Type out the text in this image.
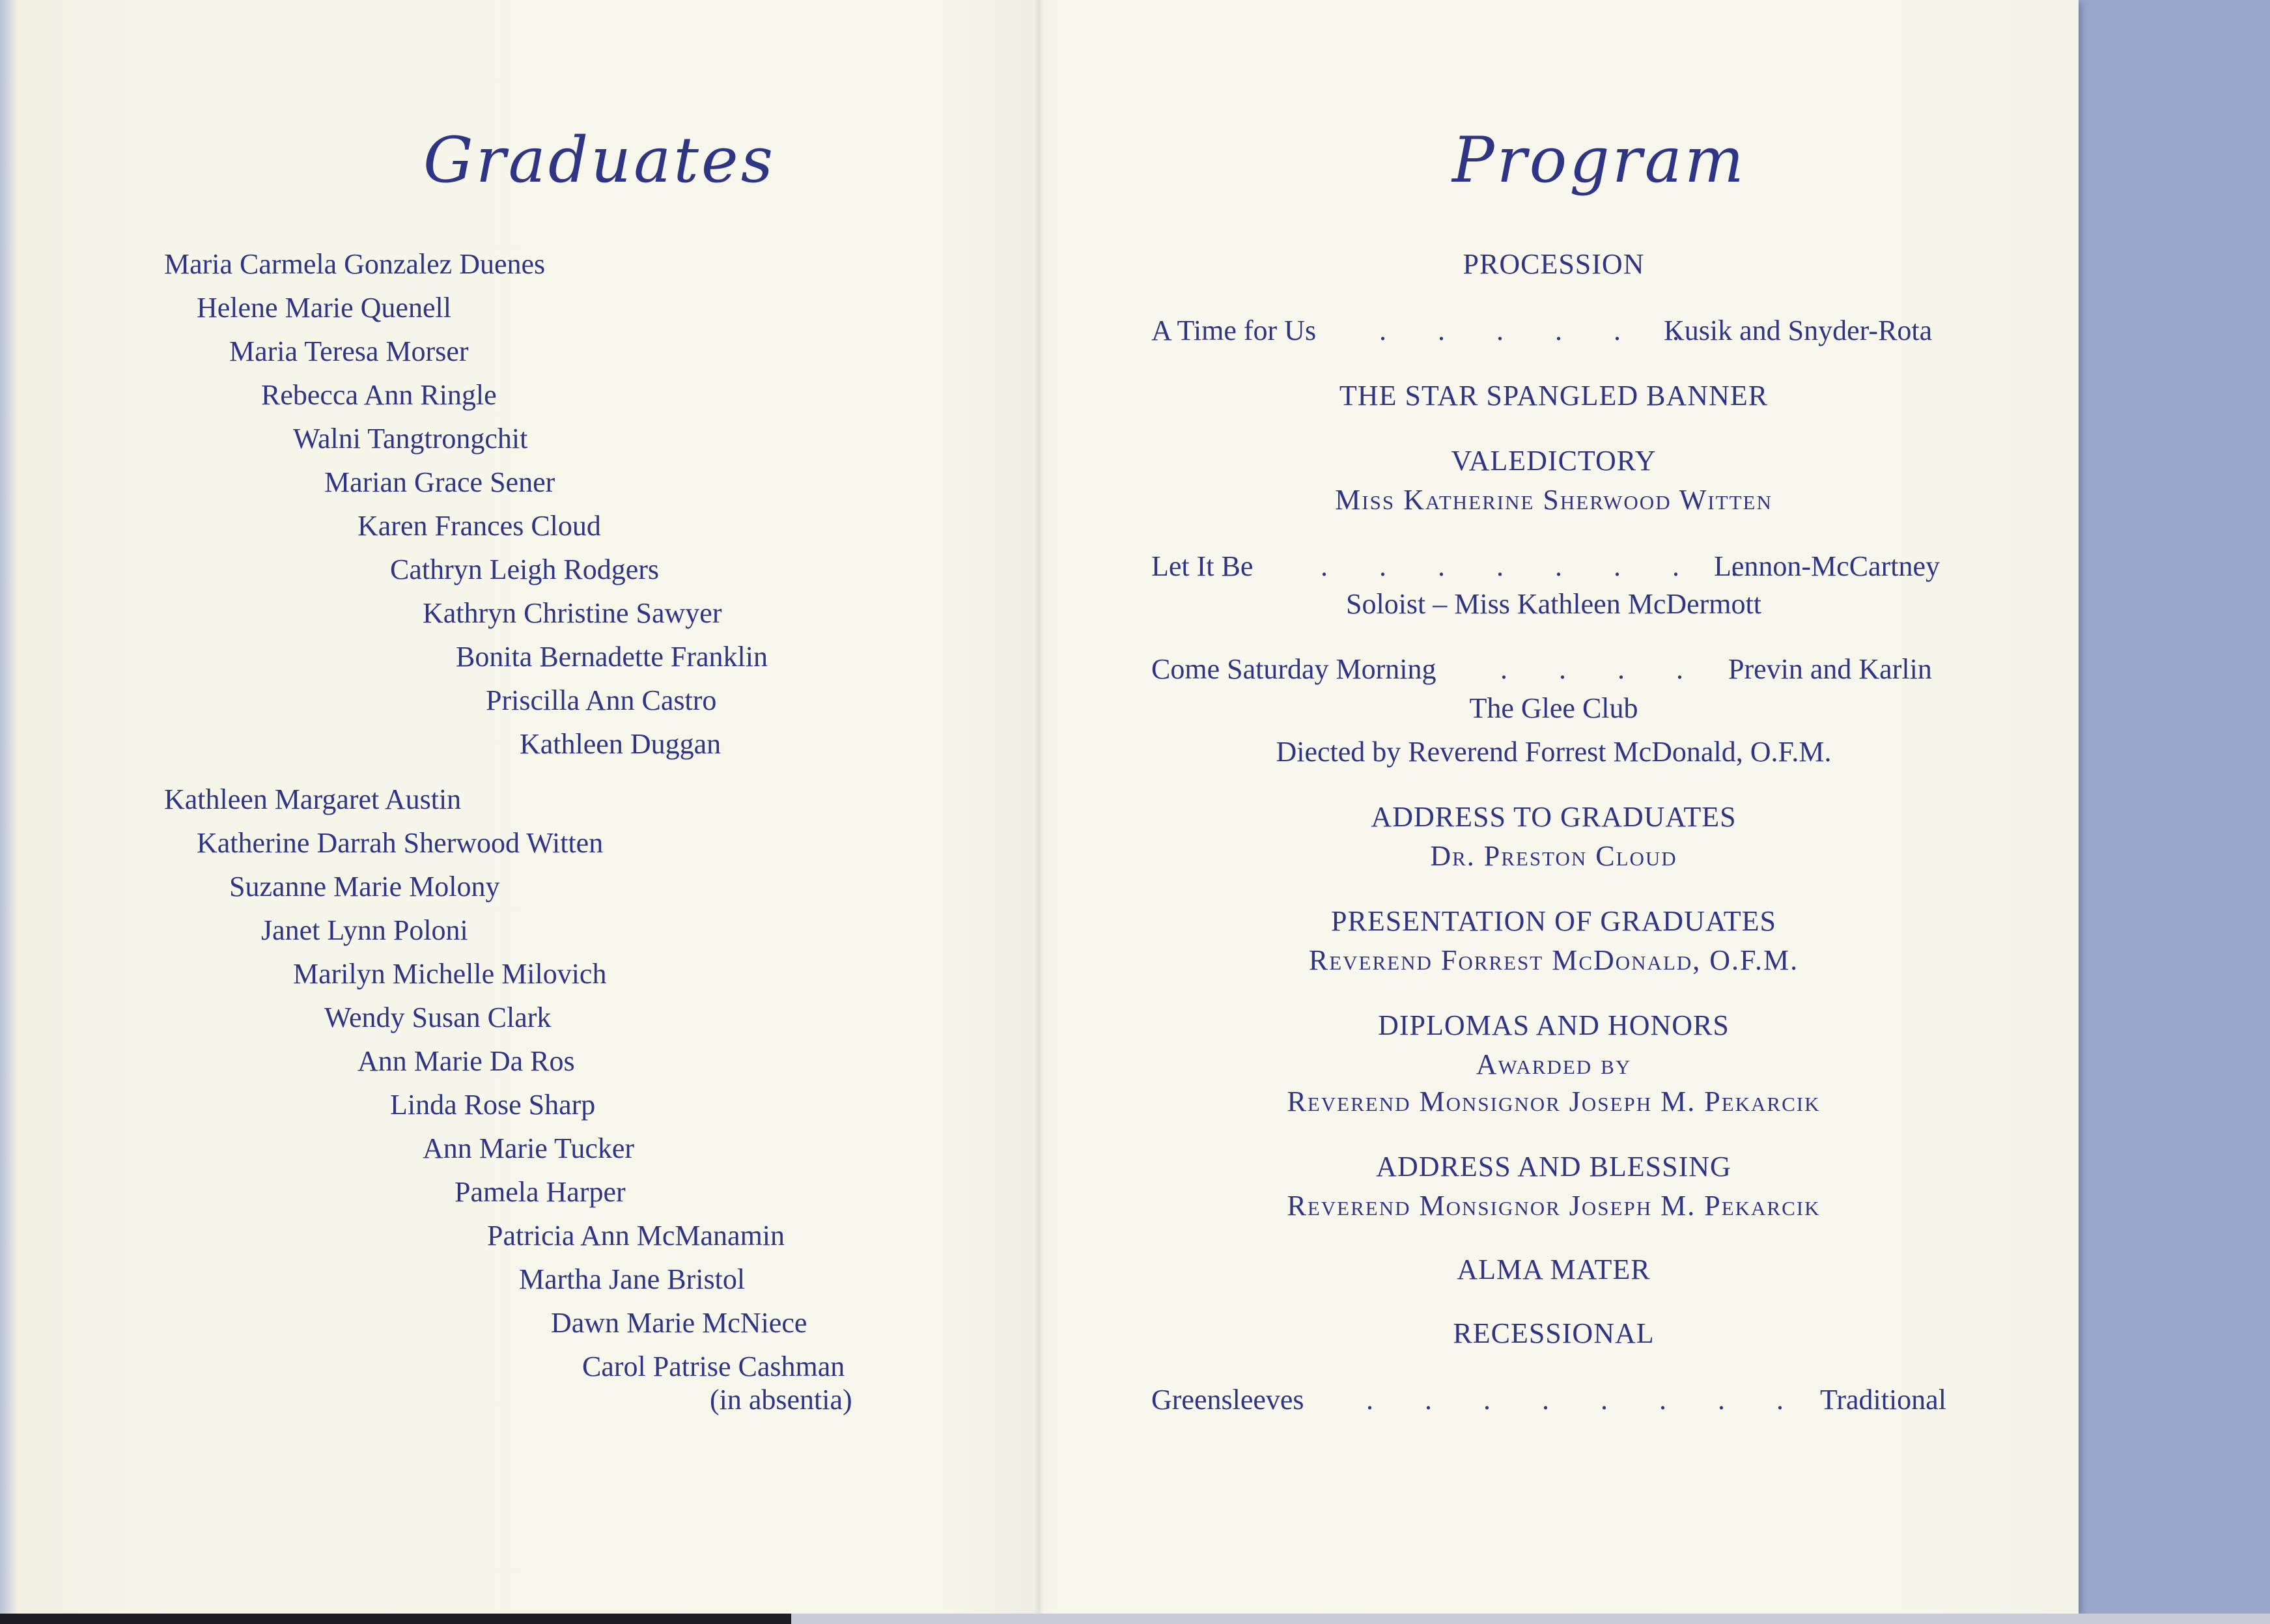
Graduates
Maria Carmela Gonzalez Duenes
Helene Marie Quenell
Maria Teresa Morser
Rebecca Ann Ringle
Walni Tangtrongchit
Marian Grace Sener
Karen Frances Cloud
Cathryn Leigh Rodgers
Kathryn Christine Sawyer
Bonita Bernadette Franklin
Priscilla Ann Castro
Kathleen Duggan
Kathleen Margaret Austin
Katherine Darrah Sherwood Witten
Suzanne Marie Molony
Janet Lynn Poloni
Marilyn Michelle Milovich
Wendy Susan Clark
Ann Marie Da Ros
Linda Rose Sharp
Ann Marie Tucker
Pamela Harper
Patricia Ann McManamin
Martha Jane Bristol
Dawn Marie McNiece
Carol Patrise Cashman
(in absentia)
Program
PROCESSION
A Time for Us . . . . . .
Kusik and Snyder-Rota
THE STAR SPANGLED BANNER
VALEDICTORY
Miss Katherine Sherwood Witten
Let It Be . . . . . . . .
Lennon-McCartney
Soloist – Miss Kathleen McDermott
Come Saturday Morning . . . . Previn and Karlin
The Glee Club
Diected by Reverend Forrest McDonald, O.F.M.
ADDRESS TO GRADUATES
Dr. Preston Cloud
PRESENTATION OF GRADUATES
Reverend Forrest McDonald, O.F.M.
DIPLOMAS AND HONORS
Awarded by
Reverend Monsignor Joseph M. Pekarcik
ADDRESS AND BLESSING
Reverend Monsignor Joseph M. Pekarcik
ALMA MATER
RECESSIONAL
Greensleeves . . . . . . . . Traditional
